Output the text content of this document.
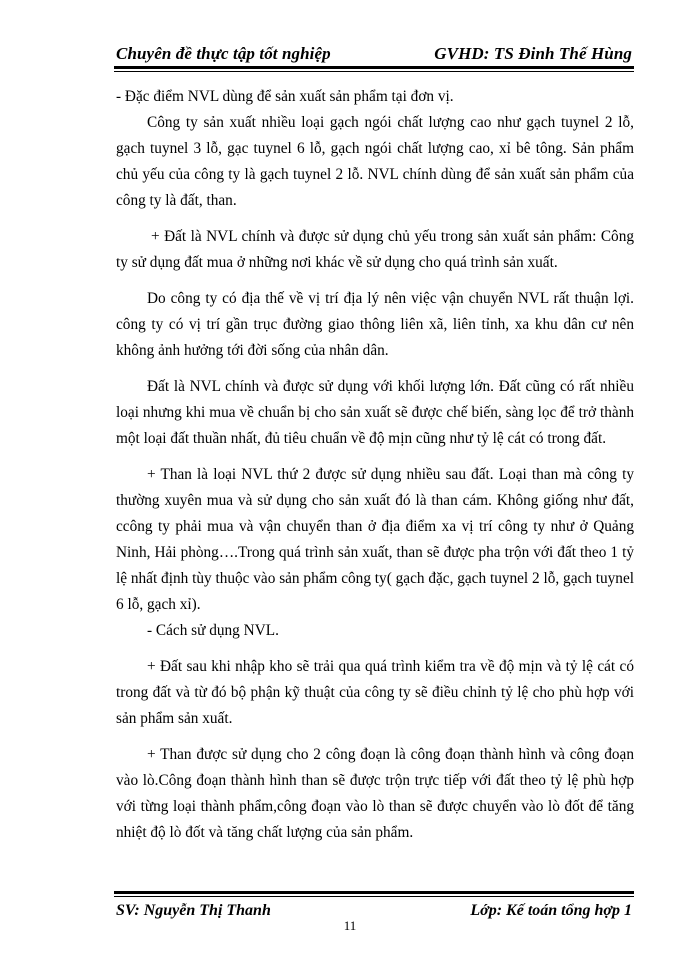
Chuyên đề thực tập tốt nghiệp	GVHD: TS Đinh Thế Hùng

- Đặc điểm NVL dùng để sản xuất sản phẩm tại đơn vị.

Công ty sản xuất nhiều loại gạch ngói chất lượng cao như gạch tuynel 2 lỗ, gạch tuynel 3 lỗ, gạc tuynel 6 lỗ, gạch ngói chất lượng cao, xỉ bê tông. Sản phẩm chủ yếu của công ty là gạch tuynel 2 lỗ. NVL chính dùng để sản xuất sản phẩm của công ty là đất, than.

+ Đất là NVL chính và được sử dụng chủ yếu trong sản xuất sản phẩm: Công ty sử dụng đất mua ở những nơi khác về sử dụng cho quá trình sản xuất.

Do công ty có địa thế về vị trí địa lý nên việc vận chuyển NVL rất thuận lợi. công ty có vị trí gần trục đường giao thông liên xã, liên tỉnh, xa khu dân cư nên không ảnh hưởng tới đời sống của nhân dân.

Đất là NVL chính và được sử dụng với khối lượng lớn. Đất cũng có rất nhiều loại nhưng khi mua về chuẩn bị cho sản xuất sẽ được chế biến, sàng lọc để trở thành một loại đất thuần nhất, đủ tiêu chuẩn về độ mịn cũng như tỷ lệ cát có trong đất.

+ Than là loại NVL thứ 2 được sử dụng nhiều sau đất. Loại than mà công ty thường xuyên mua và sử dụng cho sản xuất đó là than cám. Không giống như đất, ccông ty phải mua và vận chuyển than ở địa điểm xa vị trí công ty như ở Quảng Ninh, Hải phòng….Trong quá trình sản xuất, than sẽ được pha trộn với đất theo 1 tỷ lệ nhất định tùy thuộc vào sản phẩm công ty( gạch đặc, gạch tuynel 2 lỗ, gạch tuynel 6 lỗ, gạch xỉ).

- Cách sử dụng NVL.

+ Đất sau khi nhập kho sẽ trải qua quá trình kiểm tra về độ mịn và tỷ lệ cát có trong đất và từ đó bộ phận kỹ thuật của công ty sẽ điều chỉnh tỷ lệ cho phù hợp với sản phẩm sản xuất.

+ Than được sử dụng cho 2 công đoạn là công đoạn thành hình và công đoạn vào lò.Công đoạn thành hình than sẽ được trộn trực tiếp với đất theo tỷ lệ phù hợp với từng loại thành phẩm,công đoạn vào lò than sẽ được chuyển vào lò đốt để tăng nhiệt độ lò đốt và tăng chất lượng của sản phẩm.

SV: Nguyễn Thị Thanh	Lớp: Kế toán tổng hợp 1
11
